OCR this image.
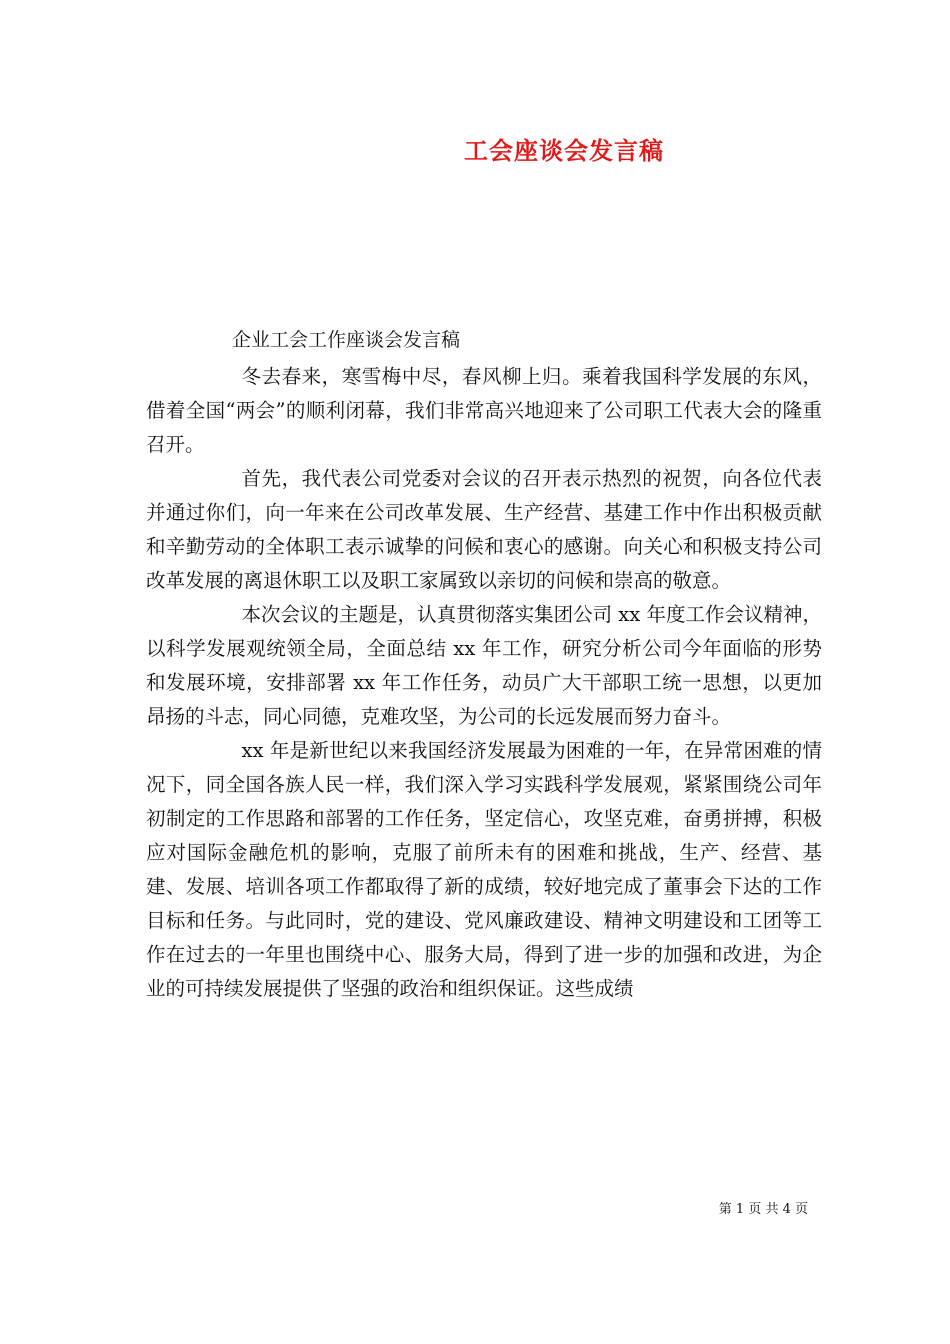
工会座谈会发言稿
企业工会工作座谈会发言稿

冬去春来，寒雪梅中尽，春风柳上归。乘着我国科学发展的东风，借着全国“两会”的顺利闭幕，我们非常高兴地迎来了公司职工代表大会的隆重召开。

首先，我代表公司党委对会议的召开表示热烈的祝贺，向各位代表并通过你们，向一年来在公司改革发展、生产经营、基建工作中作出积极贡献和辛勤劳动的全体职工表示诚挚的问候和衷心的感谢。向关心和积极支持公司改革发展的离退休职工以及职工家属致以亲切的问候和崇高的敬意。

本次会议的主题是，认真贯彻落实集团公司 xx 年度工作会议精神，以科学发展观统领全局，全面总结 xx 年工作，研究分析公司今年面临的形势和发展环境，安排部署 xx 年工作任务，动员广大干部职工统一思想，以更加昂扬的斗志，同心同德，克难攻坚，为公司的长远发展而努力奋斗。

xx 年是新世纪以来我国经济发展最为困难的一年，在异常困难的情况下，同全国各族人民一样，我们深入学习实践科学发展观，紧紧围绕公司年初制定的工作思路和部署的工作任务，坚定信心，攻坚克难，奋勇拼搏，积极应对国际金融危机的影响，克服了前所未有的困难和挑战，生产、经营、基建、发展、培训各项工作都取得了新的成绩，较好地完成了董事会下达的工作目标和任务。与此同时，党的建设、党风廉政建设、精神文明建设和工团等工作在过去的一年里也围绕中心、服务大局，得到了进一步的加强和改进，为企业的可持续发展提供了坚强的政治和组织保证。这些成绩

第 1 页 共 4 页
